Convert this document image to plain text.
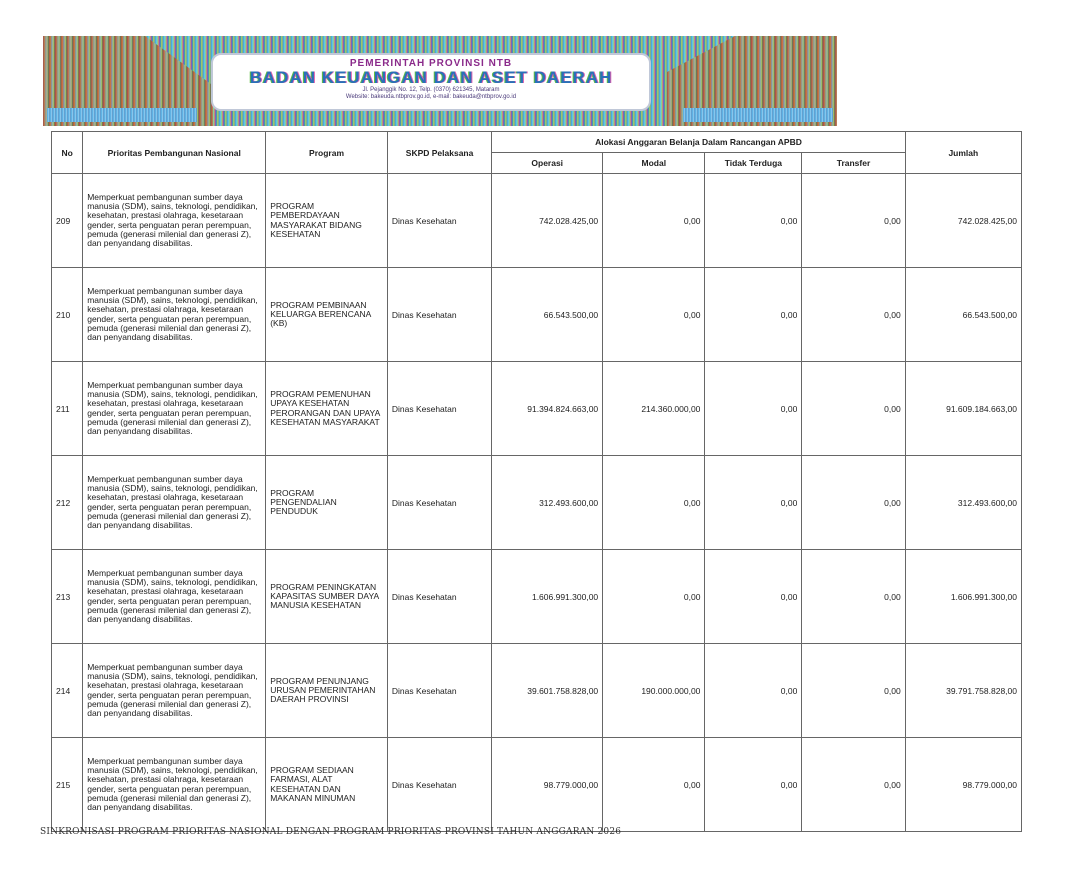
PEMERINTAH PROVINSI NTB
BADAN KEUANGAN DAN ASET DAERAH
Jl. Pejanggik No. 12, Telp. (0370) 621345, Mataram
Website: bakeuda.ntbprov.go.id, e-mail: bakeuda@ntbprov.go.id
No	Prioritas Pembangunan Nasional	Program	SKPD Pelaksana	Alokasi Anggaran Belanja Dalam Rancangan APBD				Jumlah
				Operasi	Modal	Tidak Terduga	Transfer	
209	Memperkuat pembangunan sumber daya manusia (SDM), sains, teknologi, pendidikan, kesehatan, prestasi olahraga, kesetaraan gender, serta penguatan peran perempuan, pemuda (generasi milenial dan generasi Z), dan penyandang disabilitas.	PROGRAM PEMBERDAYAAN MASYARAKAT BIDANG KESEHATAN	Dinas Kesehatan	742.028.425,00	0,00	0,00	0,00	742.028.425,00
210	Memperkuat pembangunan sumber daya manusia (SDM), sains, teknologi, pendidikan, kesehatan, prestasi olahraga, kesetaraan gender, serta penguatan peran perempuan, pemuda (generasi milenial dan generasi Z), dan penyandang disabilitas.	PROGRAM PEMBINAAN KELUARGA BERENCANA (KB)	Dinas Kesehatan	66.543.500,00	0,00	0,00	0,00	66.543.500,00
211	Memperkuat pembangunan sumber daya manusia (SDM), sains, teknologi, pendidikan, kesehatan, prestasi olahraga, kesetaraan gender, serta penguatan peran perempuan, pemuda (generasi milenial dan generasi Z), dan penyandang disabilitas.	PROGRAM PEMENUHAN UPAYA KESEHATAN PERORANGAN DAN UPAYA KESEHATAN MASYARAKAT	Dinas Kesehatan	91.394.824.663,00	214.360.000,00	0,00	0,00	91.609.184.663,00
212	Memperkuat pembangunan sumber daya manusia (SDM), sains, teknologi, pendidikan, kesehatan, prestasi olahraga, kesetaraan gender, serta penguatan peran perempuan, pemuda (generasi milenial dan generasi Z), dan penyandang disabilitas.	PROGRAM PENGENDALIAN PENDUDUK	Dinas Kesehatan	312.493.600,00	0,00	0,00	0,00	312.493.600,00
213	Memperkuat pembangunan sumber daya manusia (SDM), sains, teknologi, pendidikan, kesehatan, prestasi olahraga, kesetaraan gender, serta penguatan peran perempuan, pemuda (generasi milenial dan generasi Z), dan penyandang disabilitas.	PROGRAM PENINGKATAN KAPASITAS SUMBER DAYA MANUSIA KESEHATAN	Dinas Kesehatan	1.606.991.300,00	0,00	0,00	0,00	1.606.991.300,00
214	Memperkuat pembangunan sumber daya manusia (SDM), sains, teknologi, pendidikan, kesehatan, prestasi olahraga, kesetaraan gender, serta penguatan peran perempuan, pemuda (generasi milenial dan generasi Z), dan penyandang disabilitas.	PROGRAM PENUNJANG URUSAN PEMERINTAHAN DAERAH PROVINSI	Dinas Kesehatan	39.601.758.828,00	190.000.000,00	0,00	0,00	39.791.758.828,00
215	Memperkuat pembangunan sumber daya manusia (SDM), sains, teknologi, pendidikan, kesehatan, prestasi olahraga, kesetaraan gender, serta penguatan peran perempuan, pemuda (generasi milenial dan generasi Z), dan penyandang disabilitas.	PROGRAM SEDIAAN FARMASI, ALAT KESEHATAN DAN MAKANAN MINUMAN	Dinas Kesehatan	98.779.000,00	0,00	0,00	0,00	98.779.000,00
SINKRONISASI PROGRAM PRIORITAS NASIONAL DENGAN PROGRAM PRIORITAS PROVINSI TAHUN ANGGARAN 2026
